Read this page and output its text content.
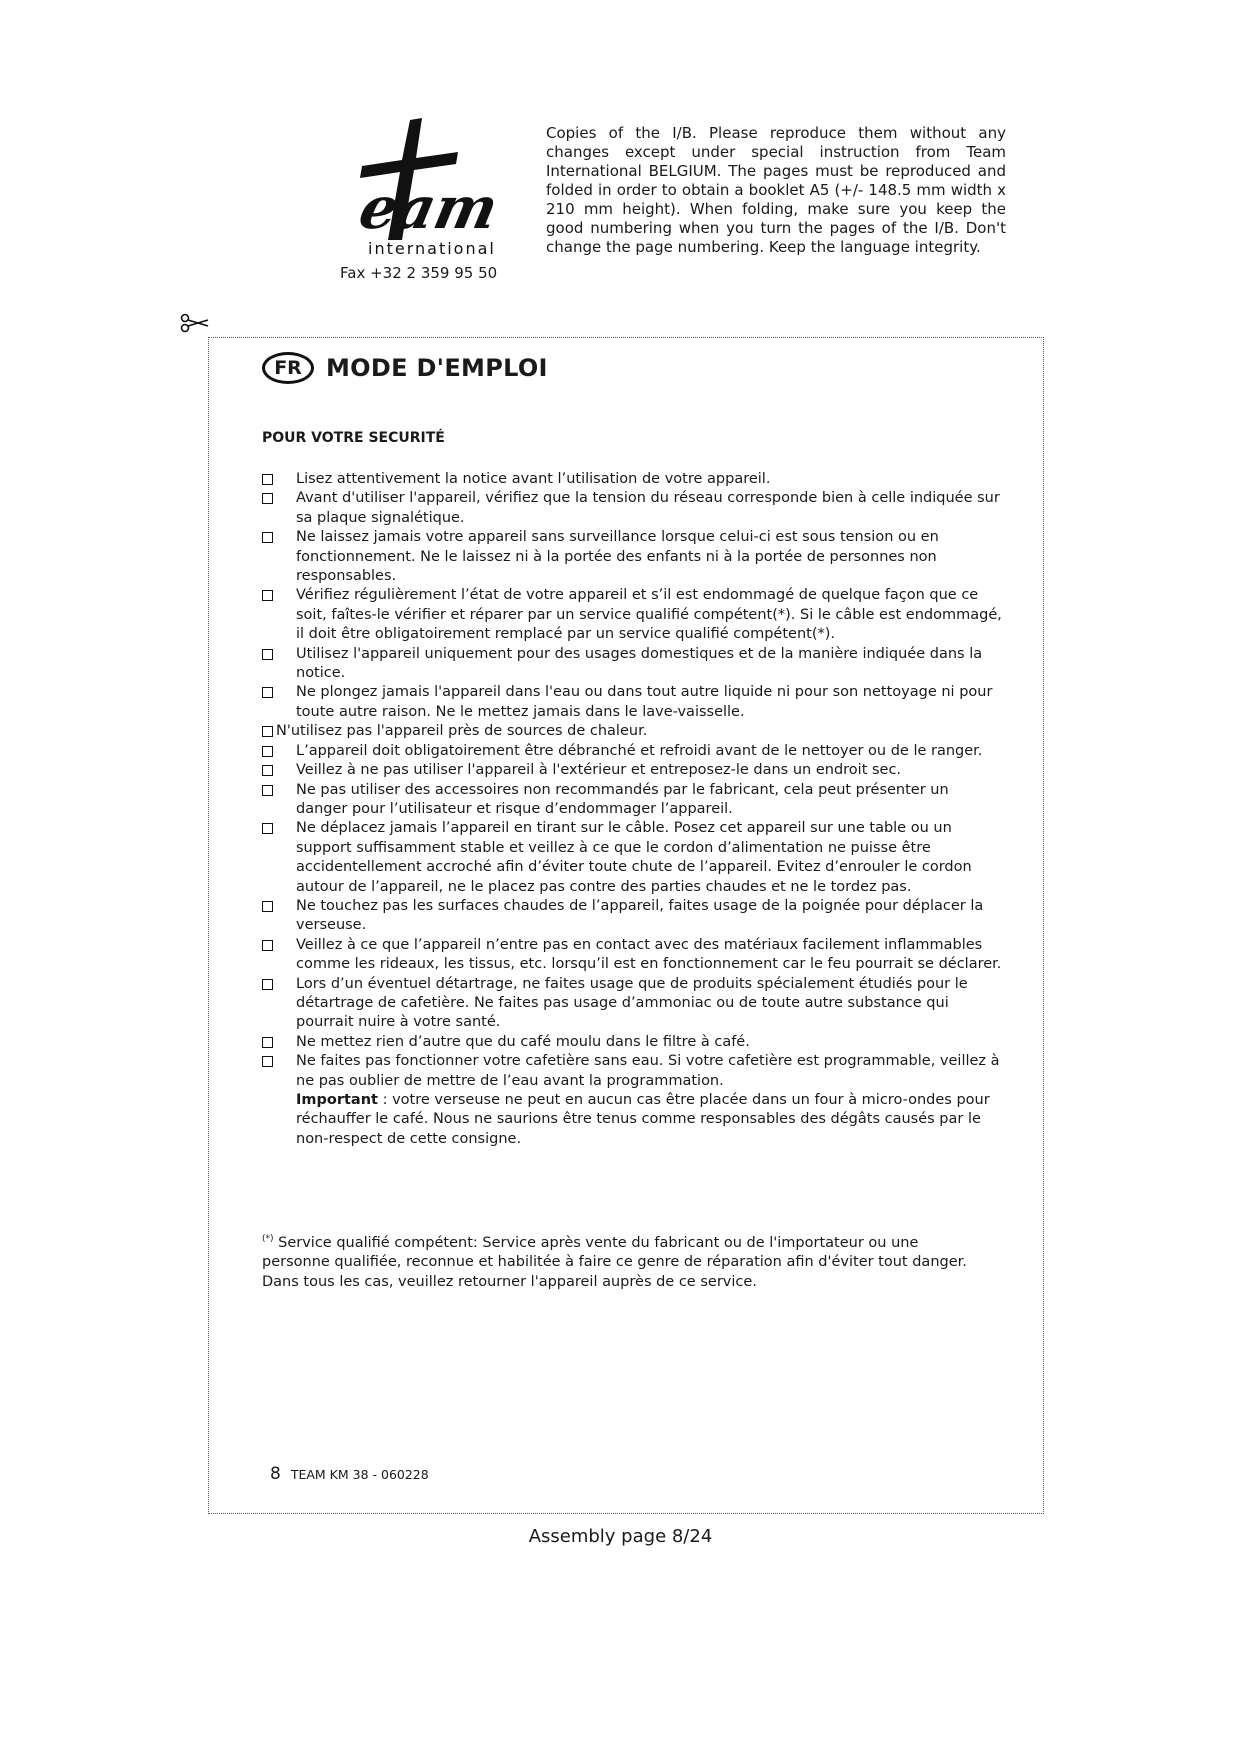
eam
international
Fax +32 2 359 95 50
Copies of the I/B. Please reproduce them without any changes except under special instruction from Team International BELGIUM. The pages must be reproduced and folded in order to obtain a booklet A5 (+/- 148.5 mm width x 210 mm height). When folding, make sure you keep the good numbering when you turn the pages of the I/B. Don't change the page numbering. Keep the language integrity.
FR	MODE D'EMPLOI
POUR VOTRE SECURITÉ
Lisez attentivement la notice avant l’utilisation de votre appareil.
Avant d'utiliser l'appareil, vérifiez que la tension du réseau corresponde bien à celle indiquée sur sa plaque signalétique.
Ne laissez jamais votre appareil sans surveillance lorsque celui-ci est sous tension ou en fonctionnement. Ne le laissez ni à la portée des enfants ni à la portée de personnes non responsables.
Vérifiez régulièrement l’état de votre appareil et s’il est endommagé de quelque façon que ce soit, faîtes-le vérifier et réparer par un service qualifié compétent(*). Si le câble est endommagé, il doit être obligatoirement remplacé par un service qualifié compétent(*).
Utilisez l'appareil uniquement pour des usages domestiques et de la manière indiquée dans la notice.
Ne plongez jamais l'appareil dans l'eau ou dans tout autre liquide ni pour son nettoyage ni pour toute autre raison. Ne le mettez jamais dans le lave-vaisselle.
N'utilisez pas l'appareil près de sources de chaleur.
L’appareil doit obligatoirement être débranché et refroidi avant de le nettoyer ou de le ranger.
Veillez à ne pas utiliser l'appareil à l'extérieur et entreposez-le dans un endroit sec.
Ne pas utiliser des accessoires non recommandés par le fabricant, cela peut présenter un danger pour l’utilisateur et risque d’endommager l’appareil.
Ne déplacez jamais l’appareil en tirant sur le câble. Posez cet appareil sur une table ou un support suffisamment stable et veillez à ce que le cordon d’alimentation ne puisse être accidentellement accroché afin d’éviter toute chute de l’appareil. Evitez d’enrouler le cordon autour de l’appareil, ne le placez pas contre des parties chaudes et ne le tordez pas.
Ne touchez pas les surfaces chaudes de l’appareil, faites usage de la poignée pour déplacer la verseuse.
Veillez à ce que l’appareil n’entre pas en contact avec des matériaux facilement inflammables comme les rideaux, les tissus, etc. lorsqu’il est en fonctionnement car le feu pourrait se déclarer.
Lors d’un éventuel détartrage, ne faites usage que de produits spécialement étudiés pour le détartrage de cafetière. Ne faites pas usage d’ammoniac ou de toute autre substance qui pourrait nuire à votre santé.
Ne mettez rien d’autre que du café moulu dans le filtre à café.
Ne faites pas fonctionner votre cafetière sans eau. Si votre cafetière est programmable, veillez à ne pas oublier de mettre de l’eau avant la programmation.
Important : votre verseuse ne peut en aucun cas être placée dans un four à micro-ondes pour réchauffer le café. Nous ne saurions être tenus comme responsables des dégâts causés par le non-respect de cette consigne.
(*) Service qualifié compétent: Service après vente du fabricant ou de l'importateur ou une personne qualifiée, reconnue et habilitée à faire ce genre de réparation afin d'éviter tout danger. Dans tous les cas, veuillez retourner l'appareil auprès de ce service.
8 TEAM KM 38 - 060228
Assembly page 8/24
